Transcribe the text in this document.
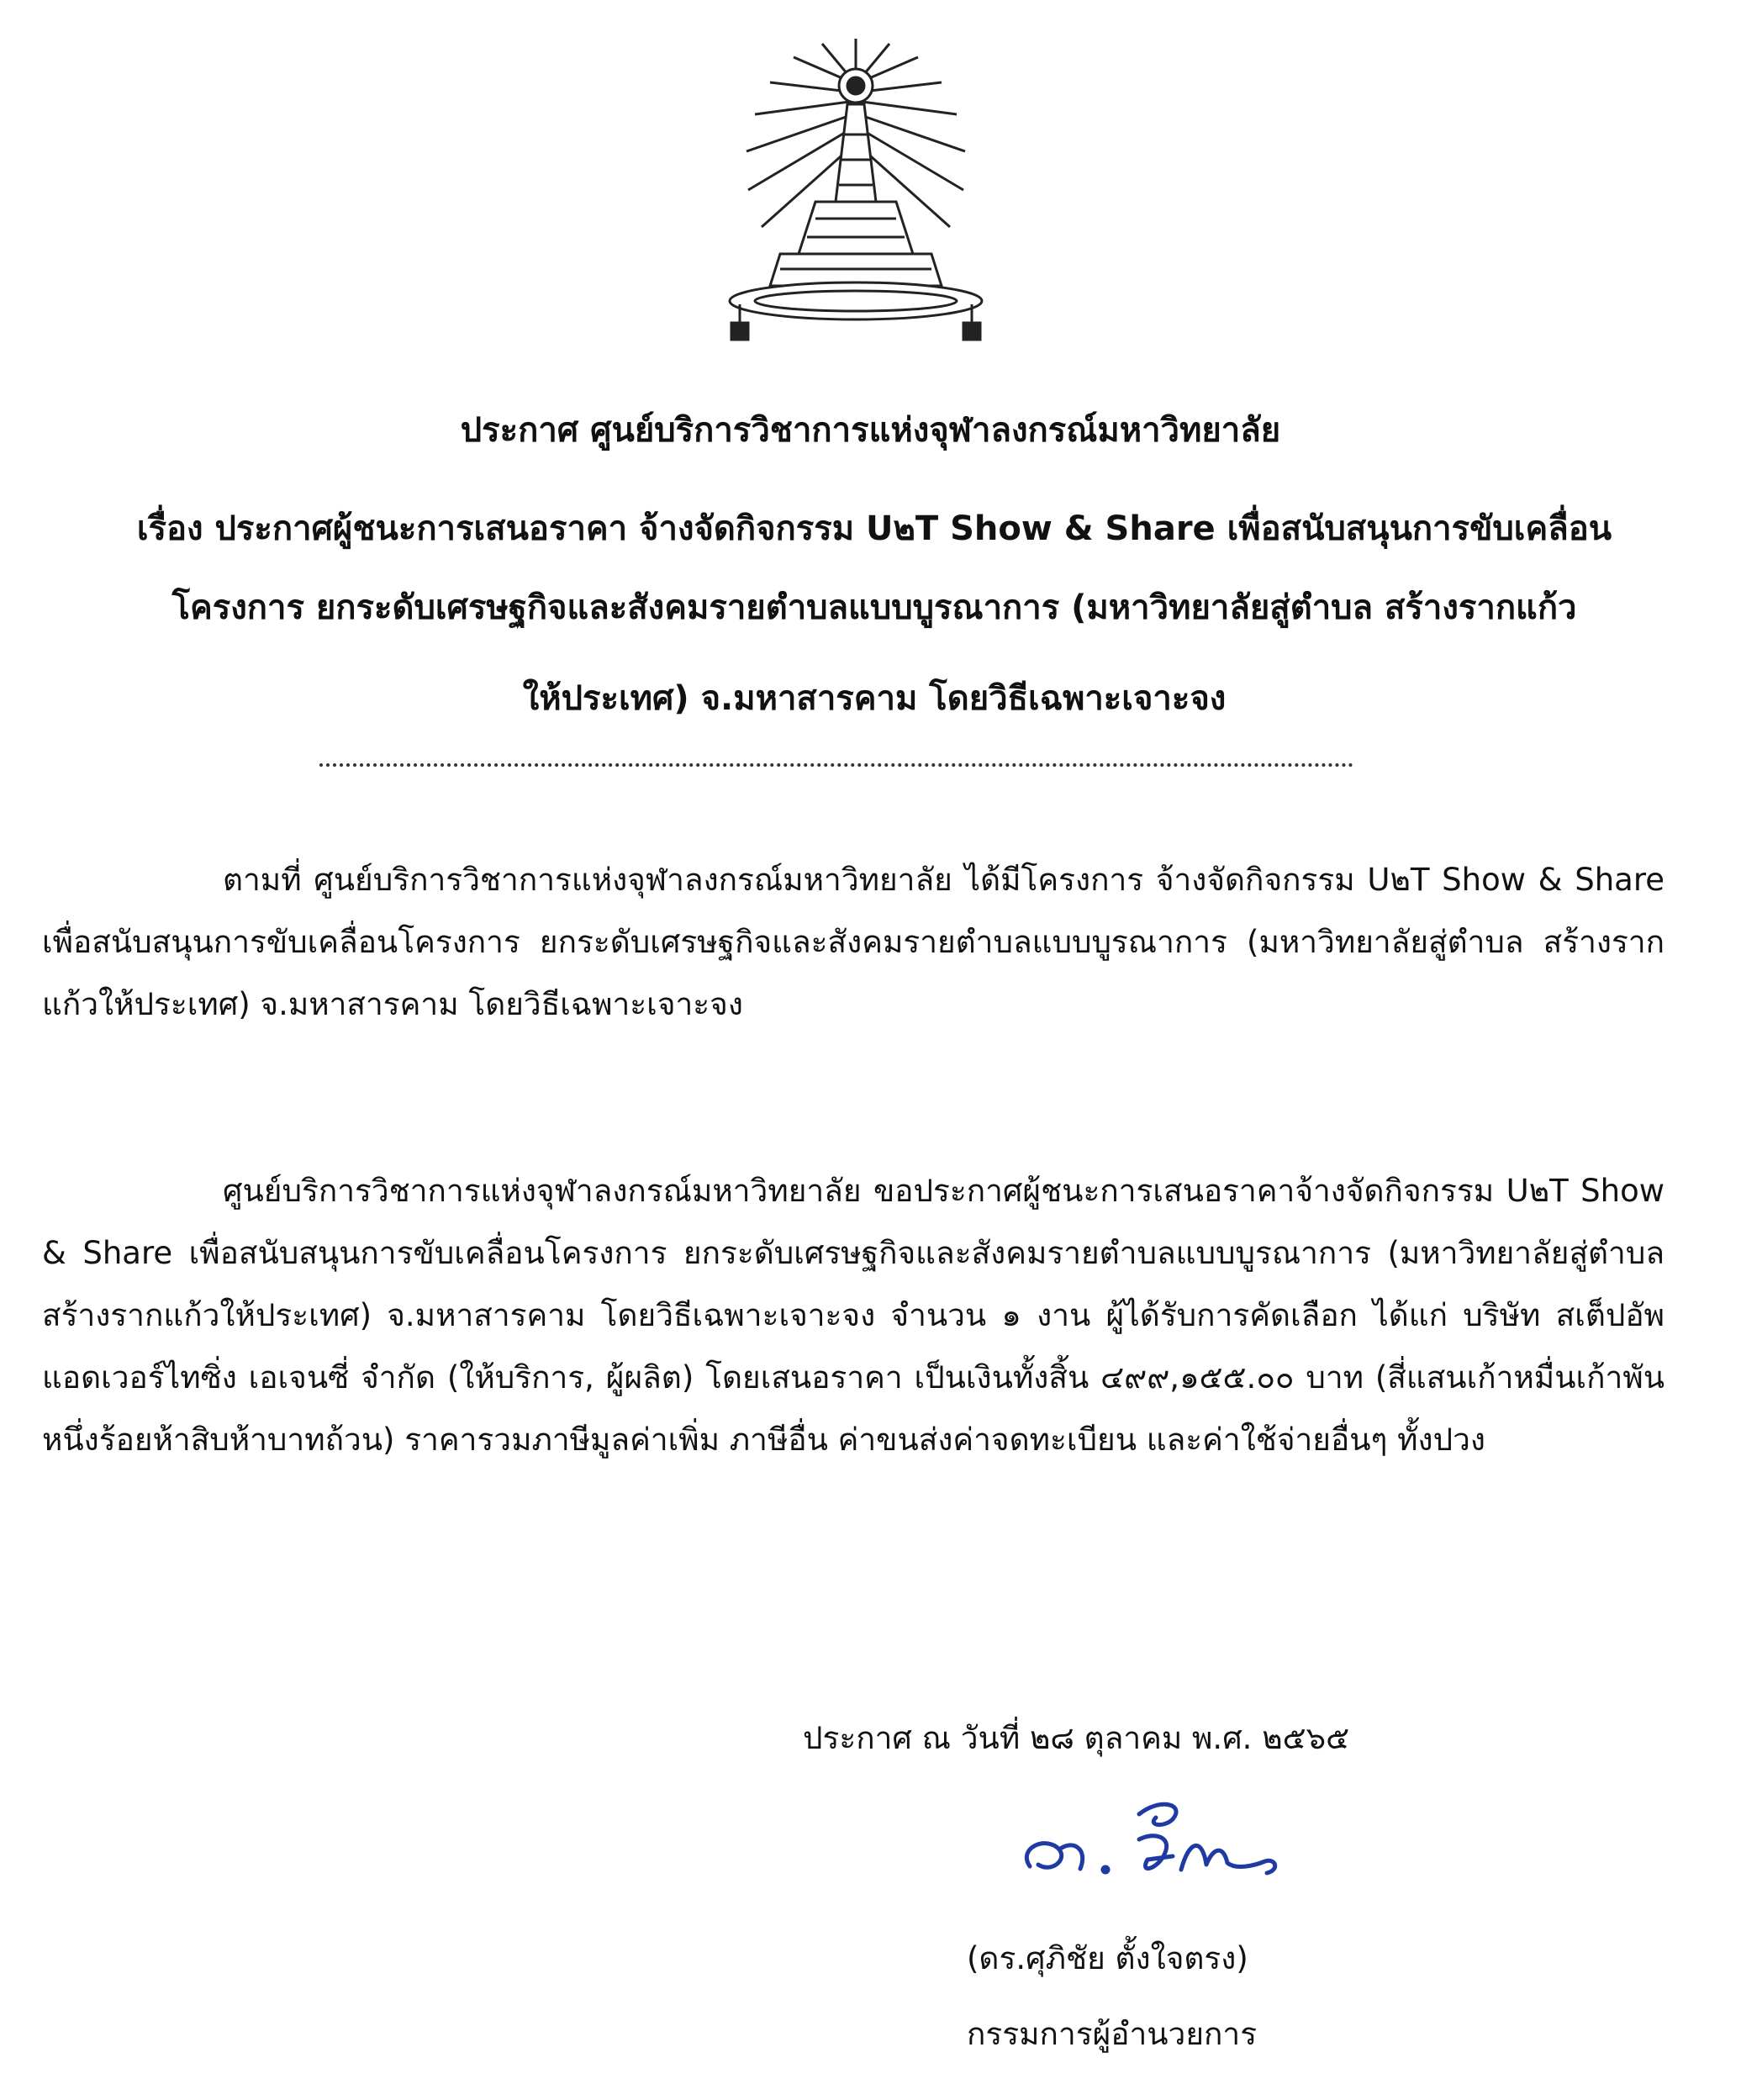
ประกาศ ศูนย์บริการวิชาการแห่งจุฬาลงกรณ์มหาวิทยาลัย
เรื่อง ประกาศผู้ชนะการเสนอราคา จ้างจัดกิจกรรม U๒T Show & Share เพื่อสนับสนุนการขับเคลื่อน
โครงการ ยกระดับเศรษฐกิจและสังคมรายตำบลแบบบูรณาการ (มหาวิทยาลัยสู่ตำบล สร้างรากแก้ว
ให้ประเทศ) จ.มหาสารคาม โดยวิธีเฉพาะเจาะจง
ตามที่ ศูนย์บริการวิชาการแห่งจุฬาลงกรณ์มหาวิทยาลัย ได้มีโครงการ จ้างจัดกิจกรรม U๒T Show & Share เพื่อสนับสนุนการขับเคลื่อนโครงการ ยกระดับเศรษฐกิจและสังคมรายตำบลแบบบูรณาการ (มหาวิทยาลัยสู่ตำบล สร้างรากแก้วให้ประเทศ) จ.มหาสารคาม โดยวิธีเฉพาะเจาะจง
ศูนย์บริการวิชาการแห่งจุฬาลงกรณ์มหาวิทยาลัย ขอประกาศผู้ชนะการเสนอราคาจ้างจัดกิจกรรม U๒T Show & Share เพื่อสนับสนุนการขับเคลื่อนโครงการ ยกระดับเศรษฐกิจและสังคมรายตำบลแบบบูรณาการ (มหาวิทยาลัยสู่ตำบล สร้างรากแก้วให้ประเทศ) จ.มหาสารคาม โดยวิธีเฉพาะเจาะจง จำนวน ๑ งาน ผู้ได้รับการคัดเลือก ได้แก่ บริษัท สเต็ปอัพ แอดเวอร์ไทซิ่ง เอเจนซี่ จำกัด (ให้บริการ, ผู้ผลิต) โดยเสนอราคา เป็นเงินทั้งสิ้น ๔๙๙,๑๕๕.๐๐ บาท (สี่แสนเก้าหมื่นเก้าพันหนึ่งร้อยห้าสิบห้าบาทถ้วน) ราคารวมภาษีมูลค่าเพิ่ม ภาษีอื่น ค่าขนส่งค่าจดทะเบียน และค่าใช้จ่ายอื่นๆ ทั้งปวง
ประกาศ ณ วันที่ ๒๘ ตุลาคม พ.ศ. ๒๕๖๕
(ดร.ศุภิชัย ตั้งใจตรง)
กรรมการผู้อำนวยการ
